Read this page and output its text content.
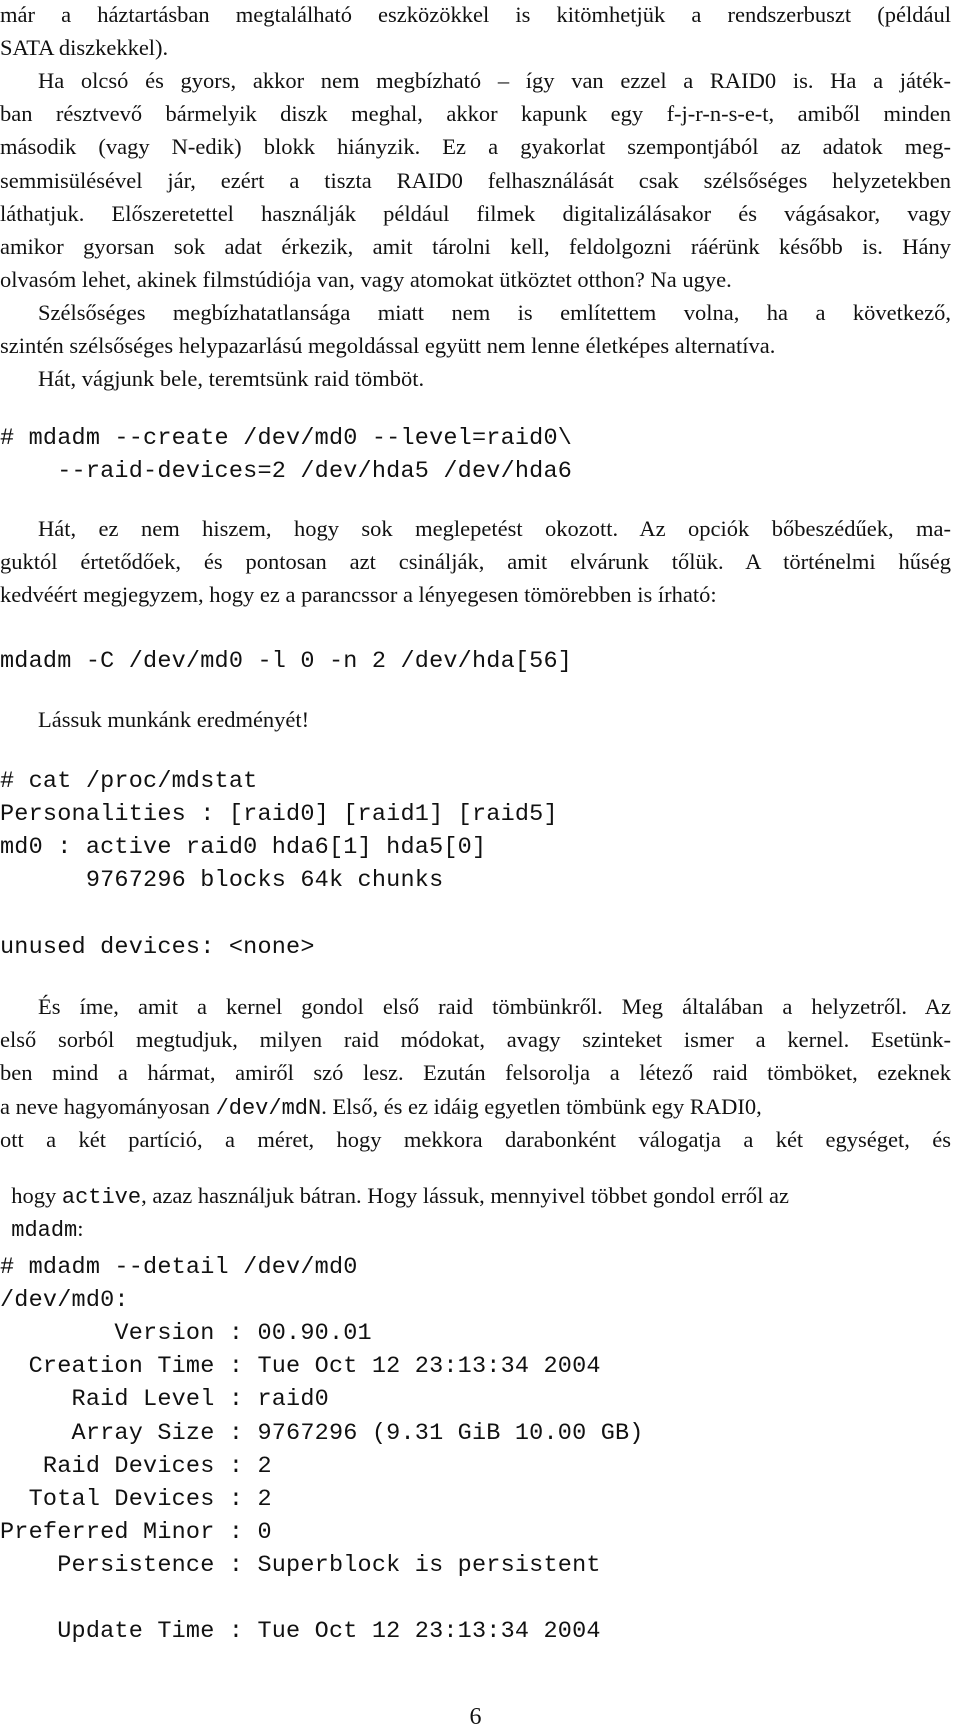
már a háztartásban megtalálható eszközökkel is kitömhetjük a rendszerbuszt (például
SATA diszkekkel).
Ha olcsó és gyors, akkor nem megbízható – így van ezzel a RAID0 is. Ha a játék-
ban résztvevő bármelyik diszk meghal, akkor kapunk egy f-j-r-n-s-e-t, amiből minden
második (vagy N-edik) blokk hiányzik. Ez a gyakorlat szempontjából az adatok meg-
semmisülésével jár, ezért a tiszta RAID0 felhasználását csak szélsőséges helyzetekben
láthatjuk. Előszeretettel használják például filmek digitalizálásakor és vágásakor, vagy
amikor gyorsan sok adat érkezik, amit tárolni kell, feldolgozni ráérünk később is. Hány
olvasóm lehet, akinek filmstúdiója van, vagy atomokat ütköztet otthon? Na ugye.
Szélsőséges megbízhatatlansága miatt nem is említettem volna, ha a következő,
szintén szélsőséges helypazarlású megoldással együtt nem lenne életképes alternatíva.
Hát, vágjunk bele, teremtsünk raid tömböt.
# mdadm --create /dev/md0 --level=raid0\
--raid-devices=2 /dev/hda5 /dev/hda6
Hát, ez nem hiszem, hogy sok meglepetést okozott. Az opciók bőbeszédűek, ma-
guktól értetődőek, és pontosan azt csinálják, amit elvárunk tőlük. A történelmi hűség
kedvéért megjegyzem, hogy ez a parancssor a lényegesen tömörebben is írható:
mdadm -C /dev/md0 -l 0 -n 2 /dev/hda[56]
Lássuk munkánk eredményét!
# cat /proc/mdstat
Personalities : [raid0] [raid1] [raid5]
md0 : active raid0 hda6[1] hda5[0]
9767296 blocks 64k chunks
unused devices: <none>
És íme, amit a kernel gondol első raid tömbünkről. Meg általában a helyzetről. Az
első sorból megtudjuk, milyen raid módokat, avagy szinteket ismer a kernel. Esetünk-
ben mind a hármat, amiről szó lesz. Ezután felsorolja a létező raid tömböket, ezeknek
a neve hagyományosan /dev/mdN. Első, és ez idáig egyetlen tömbünk egy RADI0,
ott a két partíció, a méret, hogy mekkora darabonként válogatja a két egységet, és

hogy active, azaz használjuk bátran. Hogy lássuk, mennyivel többet gondol erről az

mdadm:

# mdadm --detail /dev/md0
/dev/md0:
Version : 00.90.01
Creation Time : Tue Oct 12 23:13:34 2004
Raid Level : raid0
Array Size : 9767296 (9.31 GiB 10.00 GB)
Raid Devices : 2
Total Devices : 2
Preferred Minor : 0
Persistence : Superblock is persistent
Update Time : Tue Oct 12 23:13:34 2004
6
